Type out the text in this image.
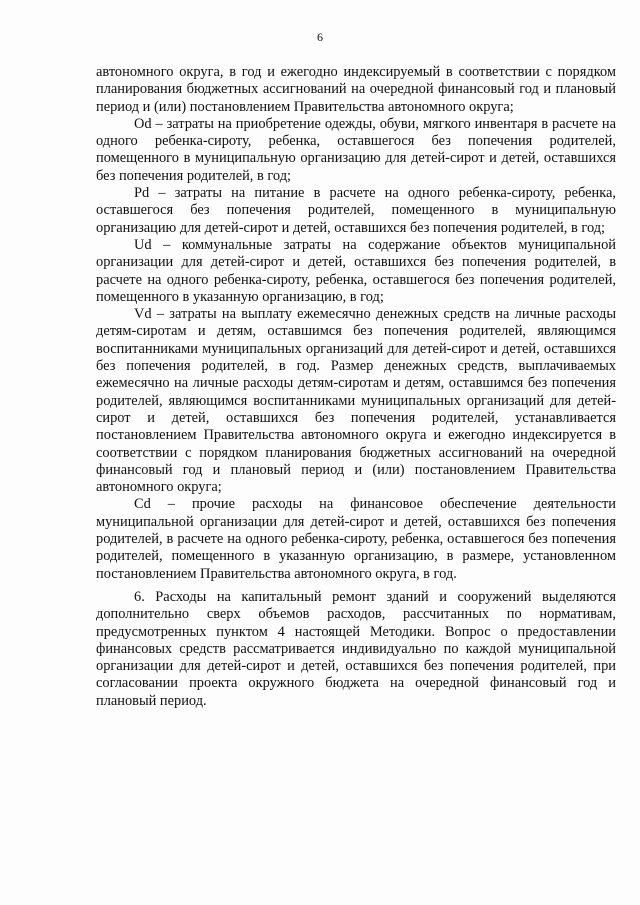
6

автономного округа, в год и ежегодно индексируемый в соответствии с порядком планирования бюджетных ассигнований на очередной финансовый год и плановый период и (или) постановлением Правительства автономного округа;

Od – затраты на приобретение одежды, обуви, мягкого инвентаря в расчете на одного ребенка-сироту, ребенка, оставшегося без попечения родителей, помещенного в муниципальную организацию для детей-сирот и детей, оставшихся без попечения родителей, в год;

Pd – затраты на питание в расчете на одного ребенка-сироту, ребенка, оставшегося без попечения родителей, помещенного в муниципальную организацию для детей-сирот и детей, оставшихся без попечения родителей, в год;

Ud – коммунальные затраты на содержание объектов муниципальной организации для детей-сирот и детей, оставшихся без попечения родителей, в расчете на одного ребенка-сироту, ребенка, оставшегося без попечения родителей, помещенного в указанную организацию, в год;

Vd – затраты на выплату ежемесячно денежных средств на личные расходы детям-сиротам и детям, оставшимся без попечения родителей, являющимся воспитанниками муниципальных организаций для детей-сирот и детей, оставшихся без попечения родителей, в год. Размер денежных средств, выплачиваемых ежемесячно на личные расходы детям-сиротам и детям, оставшимся без попечения родителей, являющимся воспитанниками муниципальных организаций для детей-сирот и детей, оставшихся без попечения родителей, устанавливается постановлением Правительства автономного округа и ежегодно индексируется в соответствии с порядком планирования бюджетных ассигнований на очередной финансовый год и плановый период и (или) постановлением Правительства автономного округа;

Cd – прочие расходы на финансовое обеспечение деятельности муниципальной организации для детей-сирот и детей, оставшихся без попечения родителей, в расчете на одного ребенка-сироту, ребенка, оставшегося без попечения родителей, помещенного в указанную организацию, в размере, установленном постановлением Правительства автономного округа, в год.

6. Расходы на капитальный ремонт зданий и сооружений выделяются дополнительно сверх объемов расходов, рассчитанных по нормативам, предусмотренных пунктом 4 настоящей Методики. Вопрос о предоставлении финансовых средств рассматривается индивидуально по каждой муниципальной организации для детей-сирот и детей, оставшихся без попечения родителей, при согласовании проекта окружного бюджета на очередной финансовый год и плановый период.
